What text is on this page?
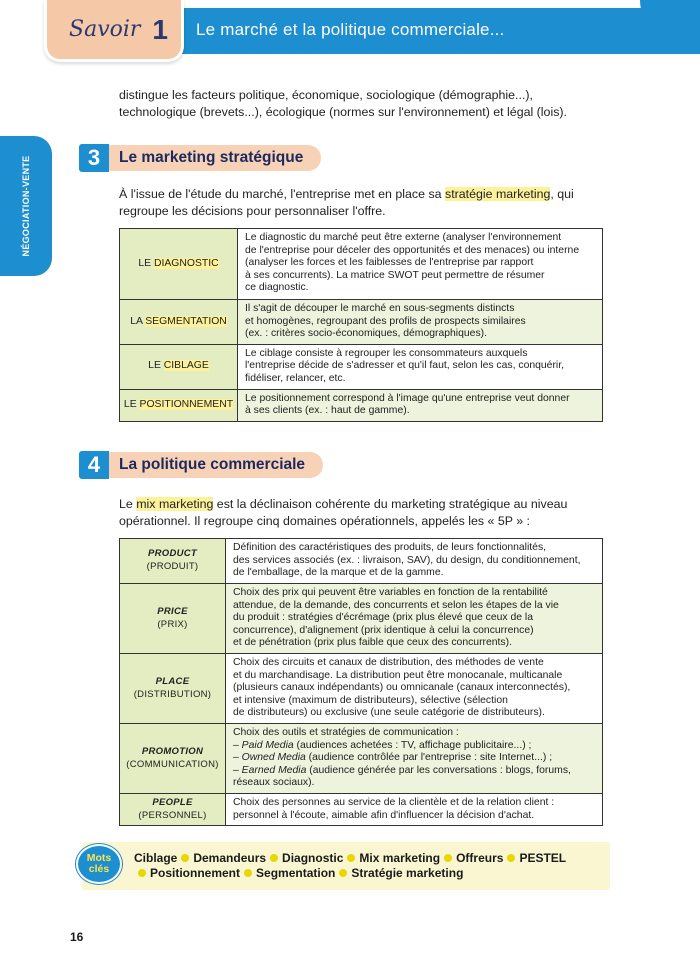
Savoir 1 Le marché et la politique commerciale...
NÉGOCIATION-VENTE

distingue les facteurs politique, économique, sociologique (démographie...),
technologique (brevets...), écologique (normes sur l'environnement) et légal (lois).

3	Le marketing stratégique

À l'issue de l'étude du marché, l'entreprise met en place sa stratégie marketing, qui regroupe les décisions pour personnaliser l'offre.

LE DIAGNOSTIC	Le diagnostic du marché peut être externe (analyser l'environnement
de l'entreprise pour déceler des opportunités et des menaces) ou interne
(analyser les forces et les faiblesses de l'entreprise par rapport
à ses concurrents). La matrice SWOT peut permettre de résumer
ce diagnostic.
LA SEGMENTATION	Il s'agit de découper le marché en sous-segments distincts
et homogènes, regroupant des profils de prospects similaires
(ex. : critères socio-économiques, démographiques).
LE CIBLAGE	Le ciblage consiste à regrouper les consommateurs auxquels
l'entreprise décide de s'adresser et qu'il faut, selon les cas, conquérir,
fidéliser, relancer, etc.
LE POSITIONNEMENT	Le positionnement correspond à l'image qu'une entreprise veut donner
à ses clients (ex. : haut de gamme).
4	La politique commerciale

Le mix marketing est la déclinaison cohérente du marketing stratégique au niveau opérationnel. Il regroupe cinq domaines opérationnels, appelés les « 5P » :

PRODUCT
(PRODUIT)	Définition des caractéristiques des produits, de leurs fonctionnalités,
des services associés (ex. : livraison, SAV), du design, du conditionnement,
de l'emballage, de la marque et de la gamme.

PRICE
(PRIX)	Choix des prix qui peuvent être variables en fonction de la rentabilité
attendue, de la demande, des concurrents et selon les étapes de la vie
du produit : stratégies d'écrémage (prix plus élevé que ceux de la
concurrence), d'alignement (prix identique à celui la concurrence)
et de pénétration (prix plus faible que ceux des concurrents).

PLACE
(DISTRIBUTION)	Choix des circuits et canaux de distribution, des méthodes de vente
et du marchandisage. La distribution peut être monocanale, multicanale
(plusieurs canaux indépendants) ou omnicanale (canaux interconnectés),
et intensive (maximum de distributeurs), sélective (sélection
de distributeurs) ou exclusive (une seule catégorie de distributeurs).

PROMOTION
(COMMUNICATION)	Choix des outils et stratégies de communication :
– Paid Media (audiences achetées : TV, affichage publicitaire...) ;
– Owned Media (audience contrôlée par l'entreprise : site Internet...) ;
– Earned Media (audience générée par les conversations : blogs, forums,
réseaux sociaux).

PEOPLE
(PERSONNEL)	Choix des personnes au service de la clientèle et de la relation client :
personnel à l'écoute, aimable afin d'influencer la décision d'achat.
Mots
clés
Ciblage Demandeurs Diagnostic Mix marketing Offreurs PESTEL
Positionnement Segmentation Stratégie marketing
16
